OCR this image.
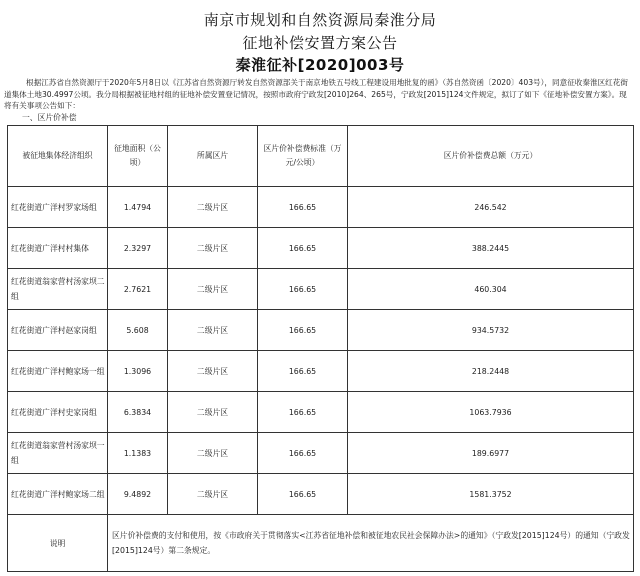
南京市规划和自然资源局秦淮分局
征地补偿安置方案公告
秦淮征补[2020]003号
根据江苏省自然资源厅于2020年5月8日以《江苏省自然资源厅转发自然资源部关于南京地铁五号线工程建设用地批复的函》（苏自然资函〔2020〕403号），同意征收秦淮区红花街道集体土地30.4997公顷。我分局根据被征地村组的征地补偿安置登记情况，按照市政府宁政发[2010]264、265号，宁政发[2015]124文件规定，拟订了如下《征地补偿安置方案》。现将有关事项公告如下：
一、区片价补偿
被征地集体经济组织	征地面积（公顷）	所属区片	区片价补偿费标准（万元/公顷）	区片价补偿费总额（万元）
红花街道广洋村罗家场组	1.4794	二级片区	166.65	246.542
红花街道广洋村村集体	2.3297	二级片区	166.65	388.2445
红花街道翁家营村汤家坝二组	2.7621	二级片区	166.65	460.304
红花街道广洋村赵家岗组	5.608	二级片区	166.65	934.5732
红花街道广洋村鲍家场一组	1.3096	二级片区	166.65	218.2448
红花街道广洋村史家岗组	6.3834	二级片区	166.65	1063.7936
红花街道翁家营村汤家坝一组	1.1383	二级片区	166.65	189.6977
红花街道广洋村鲍家场二组	9.4892	二级片区	166.65	1581.3752
说明	区片价补偿费的支付和使用，按《市政府关于贯彻落实<江苏省征地补偿和被征地农民社会保障办法>的通知》（宁政发[2015]124号）的通知（宁政发[2015]124号）第二条规定。			
